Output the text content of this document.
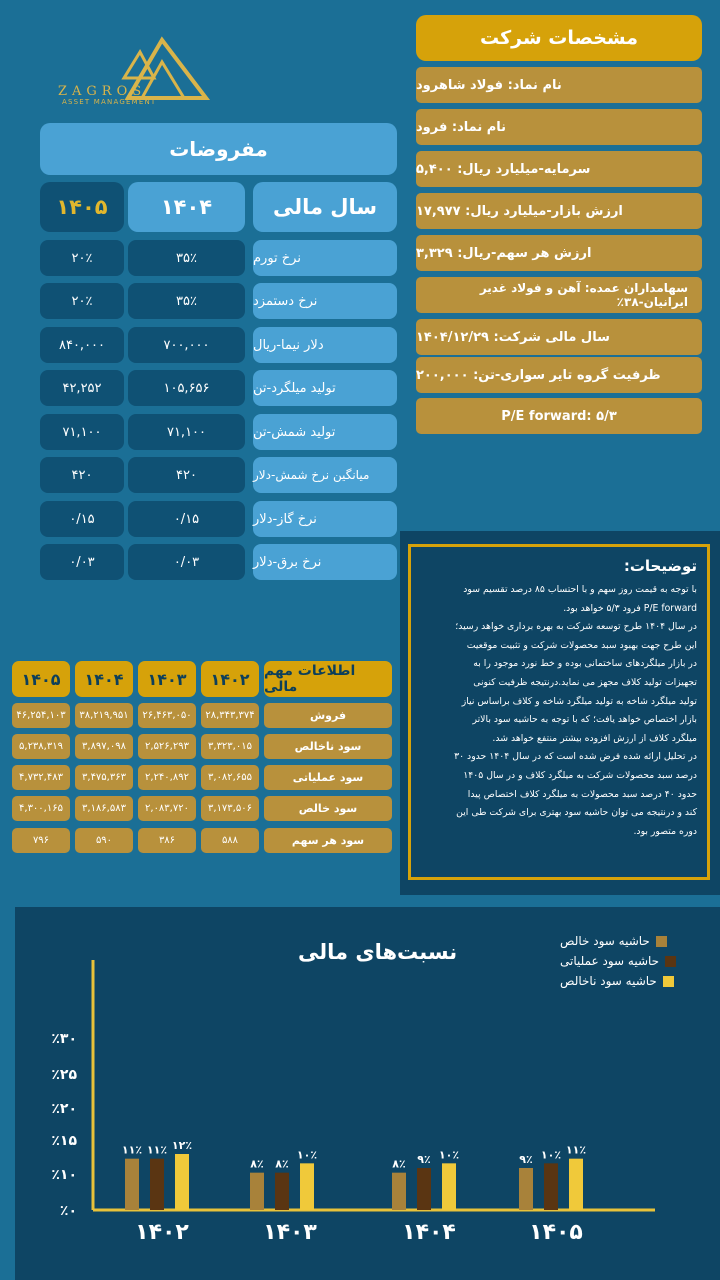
ZAGROS
ASSET MANAGEMENT
مشخصات شرکت
نام نماد: فولاد شاهرود
نام نماد: فرود
سرمایه-میلیارد ریال: ۵,۴۰۰
ارزش بازار-میلیارد ریال: ۱۷,۹۷۷
ارزش هر سهم-ریال: ۳,۳۲۹
سهامداران عمده: آهن و فولاد غدیر ایرانیان-۳۸٪
سال مالی شرکت: ۱۴۰۴/۱۲/۲۹
ظرفیت گروه تایر سواری-تن: ۲۰۰,۰۰۰
P/E forward: ۵/۳
مفروضات
۱۴۰۵	۱۴۰۴	سال مالی
نرخ تورم
۳۵٪
۲۰٪
نرخ دستمزد
۳۵٪
۲۰٪
دلار نیما-ریال
۷۰۰,۰۰۰
۸۴۰,۰۰۰
تولید میلگرد-تن
۱۰۵,۶۵۶
۴۲,۲۵۲
تولید شمش-تن
۷۱,۱۰۰
۷۱,۱۰۰
میانگین نرخ شمش-دلار
۴۲۰
۴۲۰
نرخ گاز-دلار
۰/۱۵
۰/۱۵
نرخ برق-دلار
۰/۰۳
۰/۰۳
۱۴۰۵	۱۴۰۴	۱۴۰۳	۱۴۰۲	اطلاعات مهم مالی
فروش
۲۸,۳۴۳,۳۷۴
۲۶,۴۶۳,۰۵۰
۳۸,۲۱۹,۹۵۱
۴۶,۲۵۴,۱۰۳
سود ناخالص
۳,۳۲۳,۰۱۵
۲,۵۲۶,۲۹۳
۳,۸۹۷,۰۹۸
۵,۲۳۸,۳۱۹
سود عملیاتی
۳,۰۸۲,۶۵۵
۲,۲۴۰,۸۹۲
۳,۴۷۵,۳۶۳
۴,۷۳۲,۴۸۳
سود خالص
۳,۱۷۳,۵۰۶
۲,۰۸۳,۷۲۰
۳,۱۸۶,۵۸۳
۴,۳۰۰,۱۶۵
سود هر سهم
۵۸۸
۳۸۶
۵۹۰
۷۹۶
توضیحات:
با توجه به قیمت روز سهم و با احتساب ۸۵ درصد تقسیم سود
P/E forward فرود ۵/۳ خواهد بود.
در سال ۱۴۰۴ طرح توسعه شرکت به بهره برداری خواهد رسید؛
این طرح جهت بهبود سبد محصولات شرکت و تثبیت موقعیت
در بازار میلگردهای ساختمانی بوده و خط نورد موجود را به
تجهیزات تولید کلاف مجهز می نماید.درنتیجه ظرفیت کنونی
تولید میلگرد شاخه به تولید میلگرد شاخه و کلاف براساس نیاز
بازار اختصاص خواهد یافت؛ که با توجه به حاشیه سود بالاتر
میلگرد کلاف از ارزش افزوده بیشتر منتفع خواهد شد.
در تحلیل ارائه شده فرض شده است که در سال ۱۴۰۴ حدود ۳۰
درصد سبد محصولات شرکت به میلگرد کلاف و در سال ۱۴۰۵
حدود ۴۰ درصد سبد محصولات به میلگرد کلاف اختصاص پیدا
کند و درنتیجه می توان حاشیه سود بهتری برای شرکت طی این
دوره متصور بود.
٪۰
٪۱۰
٪۱۵
٪۲۰
٪۲۵
٪۳۰
۱۱٪
۸٪	۸٪	۹٪
۱۱٪
۸٪	۹٪	۱۰٪
۱۲٪
۱۰٪	۱۰٪	۱۱٪
۱۴۰۲	۱۴۰۳	۱۴۰۴	۱۴۰۵
نسبت‌های مالی	حاشیه سود خالص
حاشیه سود عملیاتی
حاشیه سود ناخالص
